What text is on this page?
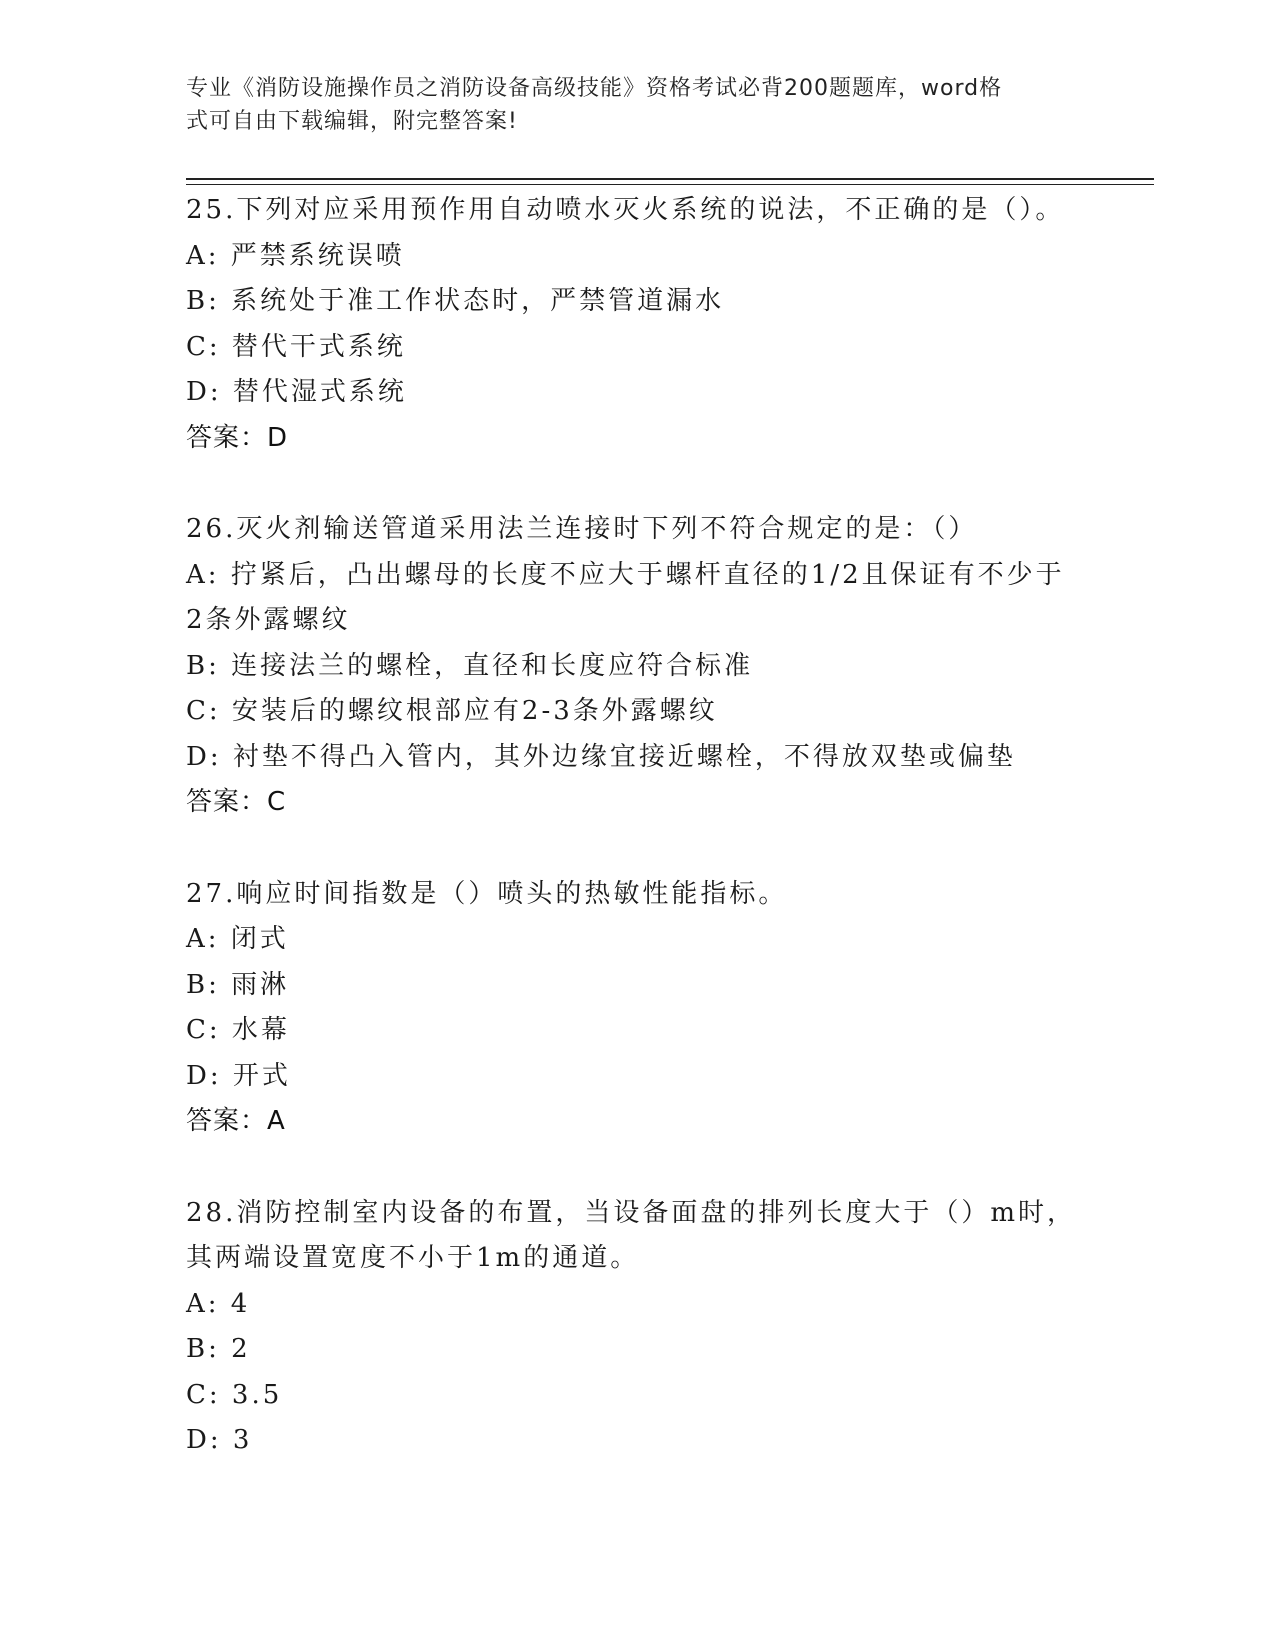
专业《消防设施操作员之消防设备高级技能》资格考试必背200题题库，word格
式可自由下载编辑，附完整答案!
25.下列对应采用预作用自动喷水灭火系统的说法，不正确的是（）。
A: 严禁系统误喷
B: 系统处于准工作状态时，严禁管道漏水
C: 替代干式系统
D: 替代湿式系统
答案：D
26.灭火剂输送管道采用法兰连接时下列不符合规定的是：（）
A: 拧紧后，凸出螺母的长度不应大于螺杆直径的1/2且保证有不少于
2条外露螺纹
B: 连接法兰的螺栓，直径和长度应符合标准
C: 安装后的螺纹根部应有2-3条外露螺纹
D: 衬垫不得凸入管内，其外边缘宜接近螺栓，不得放双垫或偏垫
答案：C
27.响应时间指数是（）喷头的热敏性能指标。
A: 闭式
B: 雨淋
C: 水幕
D: 开式
答案：A
28.消防控制室内设备的布置，当设备面盘的排列长度大于（）m时，
其两端设置宽度不小于1m的通道。
A: 4
B: 2
C: 3.5
D: 3
